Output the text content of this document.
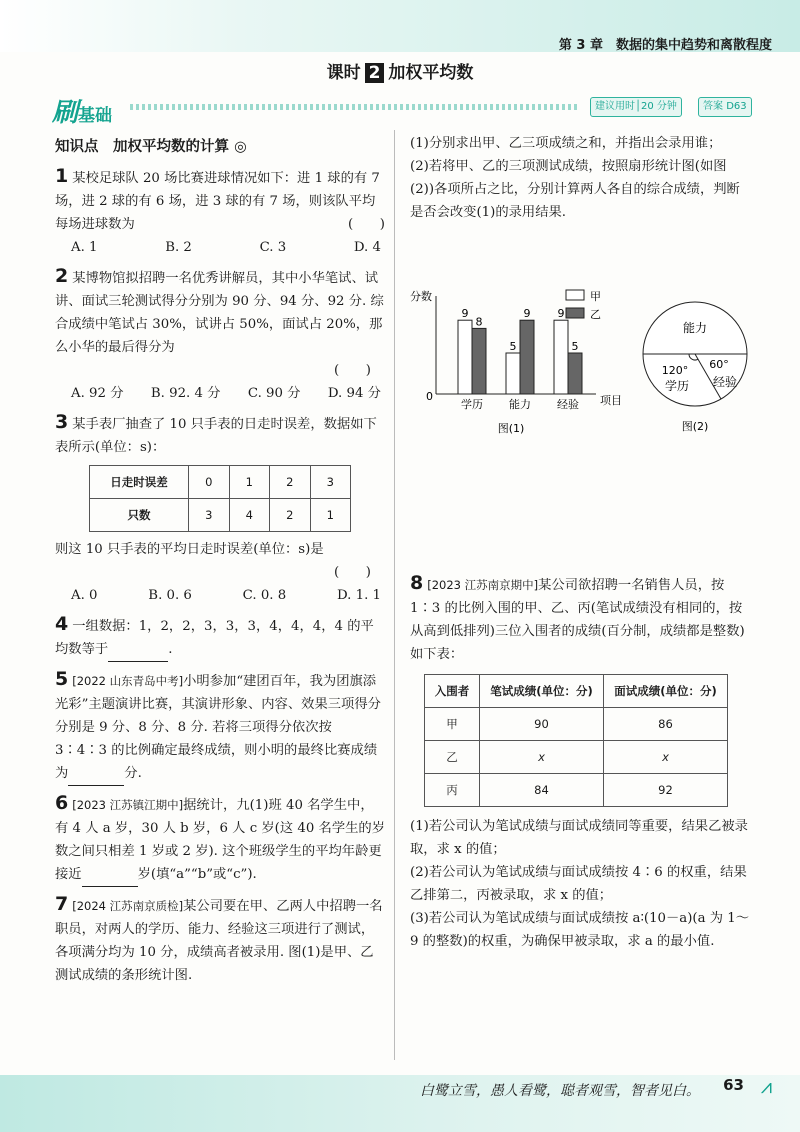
第 3 章　数据的集中趋势和离散程度
课时 2 加权平均数
刷基础	建议用时│20 分钟	答案 D63

知识点　加权平均数的计算 ◎

1 某校足球队 20 场比赛进球情况如下：进 1 球的有 7 场，进 2 球的有 6 场，进 3 球的有 7 场，则该队平均每场进球数为	(　　)

A. 1	B. 2	C. 3	D. 4

2 某博物馆拟招聘一名优秀讲解员，其中小华笔试、试讲、面试三轮测试得分分别为 90 分、94 分、92 分. 综合成绩中笔试占 30%，试讲占 50%，面试占 20%，那么小华的最后得分为

(　　)

A. 92 分 B. 92. 4 分 C. 90 分 D. 94 分

3 某手表厂抽查了 10 只手表的日走时误差，数据如下表所示(单位：s)：

日走时误差	0	1	2	3
只数	3	4	2	1

则这 10 只手表的平均日走时误差(单位：s)是

(　　)

A. 0	B. 0. 6	C. 0. 8	D. 1. 1

4 一组数据：1，2，2，3，3，3，4，4，4，4 的平均数等于	.

5 [2022 山东青岛中考]小明参加“建团百年，我为团旗添光彩”主题演讲比赛，其演讲形象、内容、效果三项得分分别是 9 分、8 分、8 分. 若将三项得分依次按 3∶4∶3 的比例确定最终成绩，则小明的最终比赛成绩为	分.

6 [2023 江苏镇江期中]据统计，九(1)班 40 名学生中，有 4 人 a 岁，30 人 b 岁，6 人 c 岁(这 40 名学生的岁数之间只相差 1 岁或 2 岁). 这个班级学生的平均年龄更接近	岁(填“a”“b”或“c”).

7 [2024 江苏南京质检]某公司要在甲、乙两人中招聘一名职员，对两人的学历、能力、经验这三项进行了测试，各项满分均为 10 分，成绩高者被录用. 图(1)是甲、乙测试成绩的条形统计图.

(1)分别求出甲、乙三项成绩之和，并指出会录用谁；

(2)若将甲、乙的三项测试成绩，按照扇形统计图(如图(2))各项所占之比，分别计算两人各自的综合成绩，判断是否会改变(1)的录用结果.

分数
0	项目
9
8
学历
5
9
能力
9
5
经验
甲
乙
图(1)
能力
120°
学历
60°
经验
图(2)

8 [2023 江苏南京期中]某公司欲招聘一名销售人员，按 1∶3 的比例入围的甲、乙、丙(笔试成绩没有相同的，按从高到低排列)三位入围者的成绩(百分制，成绩都是整数)如下表：

入围者	笔试成绩(单位：分)	面试成绩(单位：分)
甲	90	86
乙	x	x
丙	84	92

(1)若公司认为笔试成绩与面试成绩同等重要，结果乙被录取，求 x 的值；

(2)若公司认为笔试成绩与面试成绩按 4∶6 的权重，结果乙排第二，丙被录取，求 x 的值；

(3)若公司认为笔试成绩与面试成绩按 a∶(10－a)(a 为 1～9 的整数)的权重，为确保甲被录取，求 a 的最小值.

白鹭立雪，愚人看鹭，聪者观雪，智者见白。 63 ⩘
